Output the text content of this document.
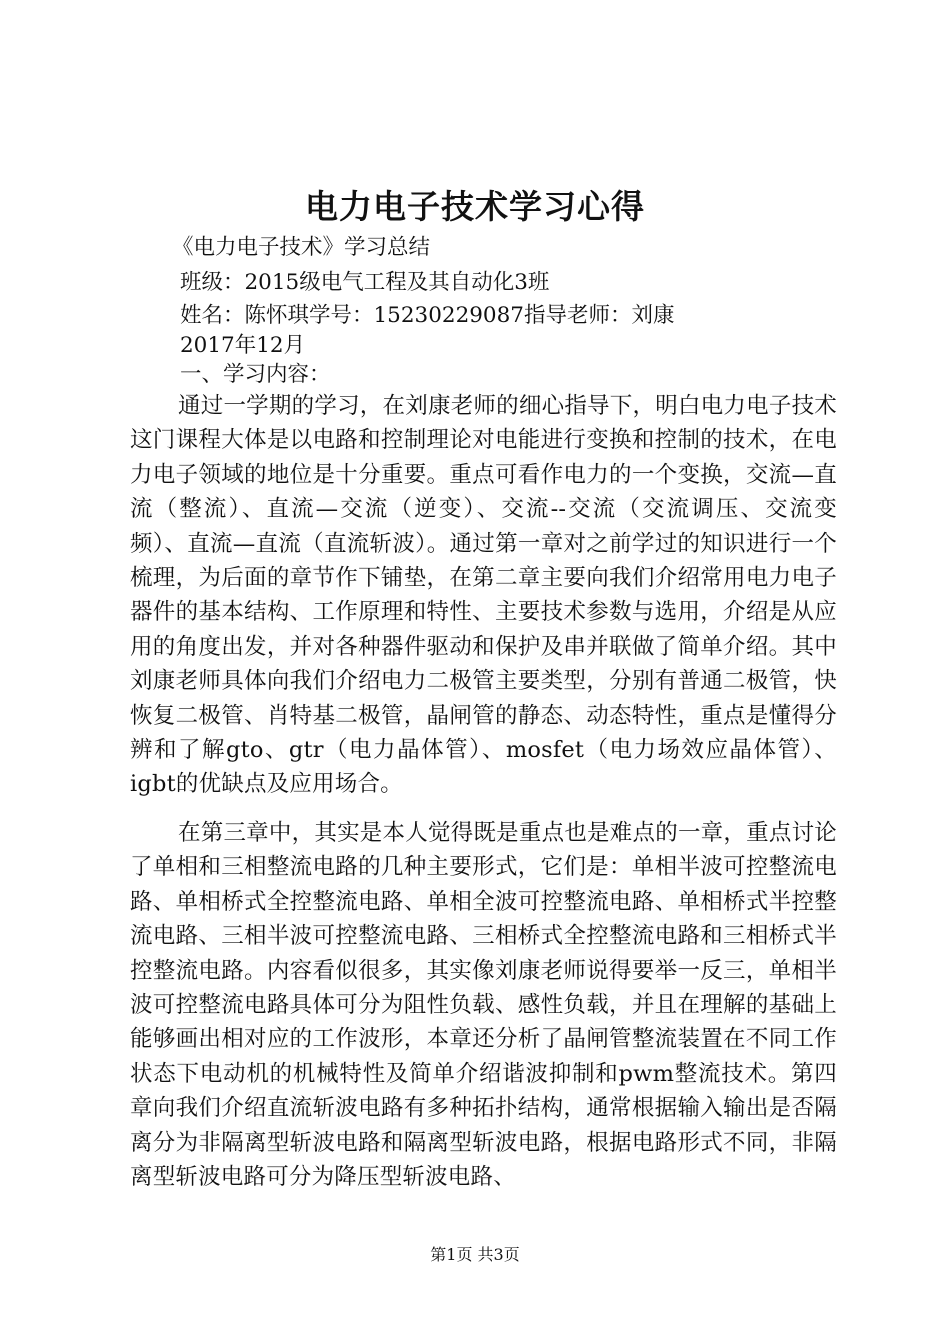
电力电子技术学习心得

《电力电子技术》学习总结

班级：2015级电气工程及其自动化3班

姓名：陈怀琪学号：15230229087指导老师：刘康

2017年12月

一、学习内容：

通过一学期的学习，在刘康老师的细心指导下，明白电力电子技术这门课程大体是以电路和控制理论对电能进行变换和控制的技术，在电力电子领域的地位是十分重要。重点可看作电力的一个变换，交流—直流（整流）、直流—交流（逆变）、交流--交流（交流调压、交流变频）、直流—直流（直流斩波）。通过第一章对之前学过的知识进行一个梳理，为后面的章节作下铺垫，在第二章主要向我们介绍常用电力电子器件的基本结构、工作原理和特性、主要技术参数与选用，介绍是从应用的角度出发，并对各种器件驱动和保护及串并联做了简单介绍。其中刘康老师具体向我们介绍电力二极管主要类型，分别有普通二极管，快恢复二极管、肖特基二极管，晶闸管的静态、动态特性，重点是懂得分辨和了解gto、gtr（电力晶体管）、mosfet（电力场效应晶体管）、igbt的优缺点及应用场合。

在第三章中，其实是本人觉得既是重点也是难点的一章，重点讨论了单相和三相整流电路的几种主要形式，它们是：单相半波可控整流电路、单相桥式全控整流电路、单相全波可控整流电路、单相桥式半控整流电路、三相半波可控整流电路、三相桥式全控整流电路和三相桥式半控整流电路。内容看似很多，其实像刘康老师说得要举一反三，单相半波可控整流电路具体可分为阻性负载、感性负载，并且在理解的基础上能够画出相对应的工作波形，本章还分析了晶闸管整流装置在不同工作状态下电动机的机械特性及简单介绍谐波抑制和pwm整流技术。第四章向我们介绍直流斩波电路有多种拓扑结构，通常根据输入输出是否隔离分为非隔离型斩波电路和隔离型斩波电路，根据电路形式不同，非隔离型斩波电路可分为降压型斩波电路、

第1页 共3页
